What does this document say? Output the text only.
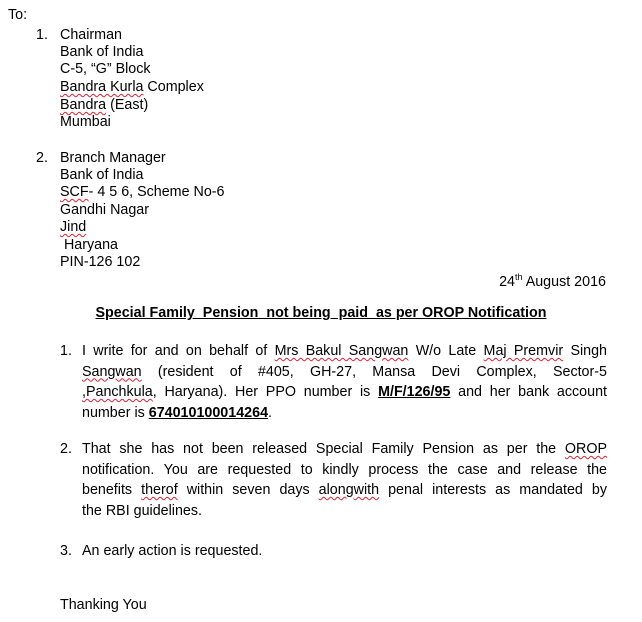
To:
1. Chairman
Bank of India
C-5, “G” Block
Bandra Kurla Complex
Bandra (East)
Mumbai
2. Branch Manager
Bank of India
SCF- 4 5 6, Scheme No-6
Gandhi Nagar
Jind
Haryana
PIN-126 102
24th August 2016
Special Family  Pension  not being  paid  as per OROP Notification
1. I write for and on behalf of Mrs Bakul Sangwan W/o Late Maj Premvir Singh
Sangwan (resident of #405, GH-27, Mansa Devi Complex, Sector-5
,Panchkula, Haryana). Her PPO number is M/F/126/95 and her bank account
number is 674010100014264.
2. That she has not been released Special Family Pension as per the OROP
notification. You are requested to kindly process the case and release the
benefits therof within seven days alongwith penal interests as mandated by
the RBI guidelines.
3. An early action is requested.
Thanking You
